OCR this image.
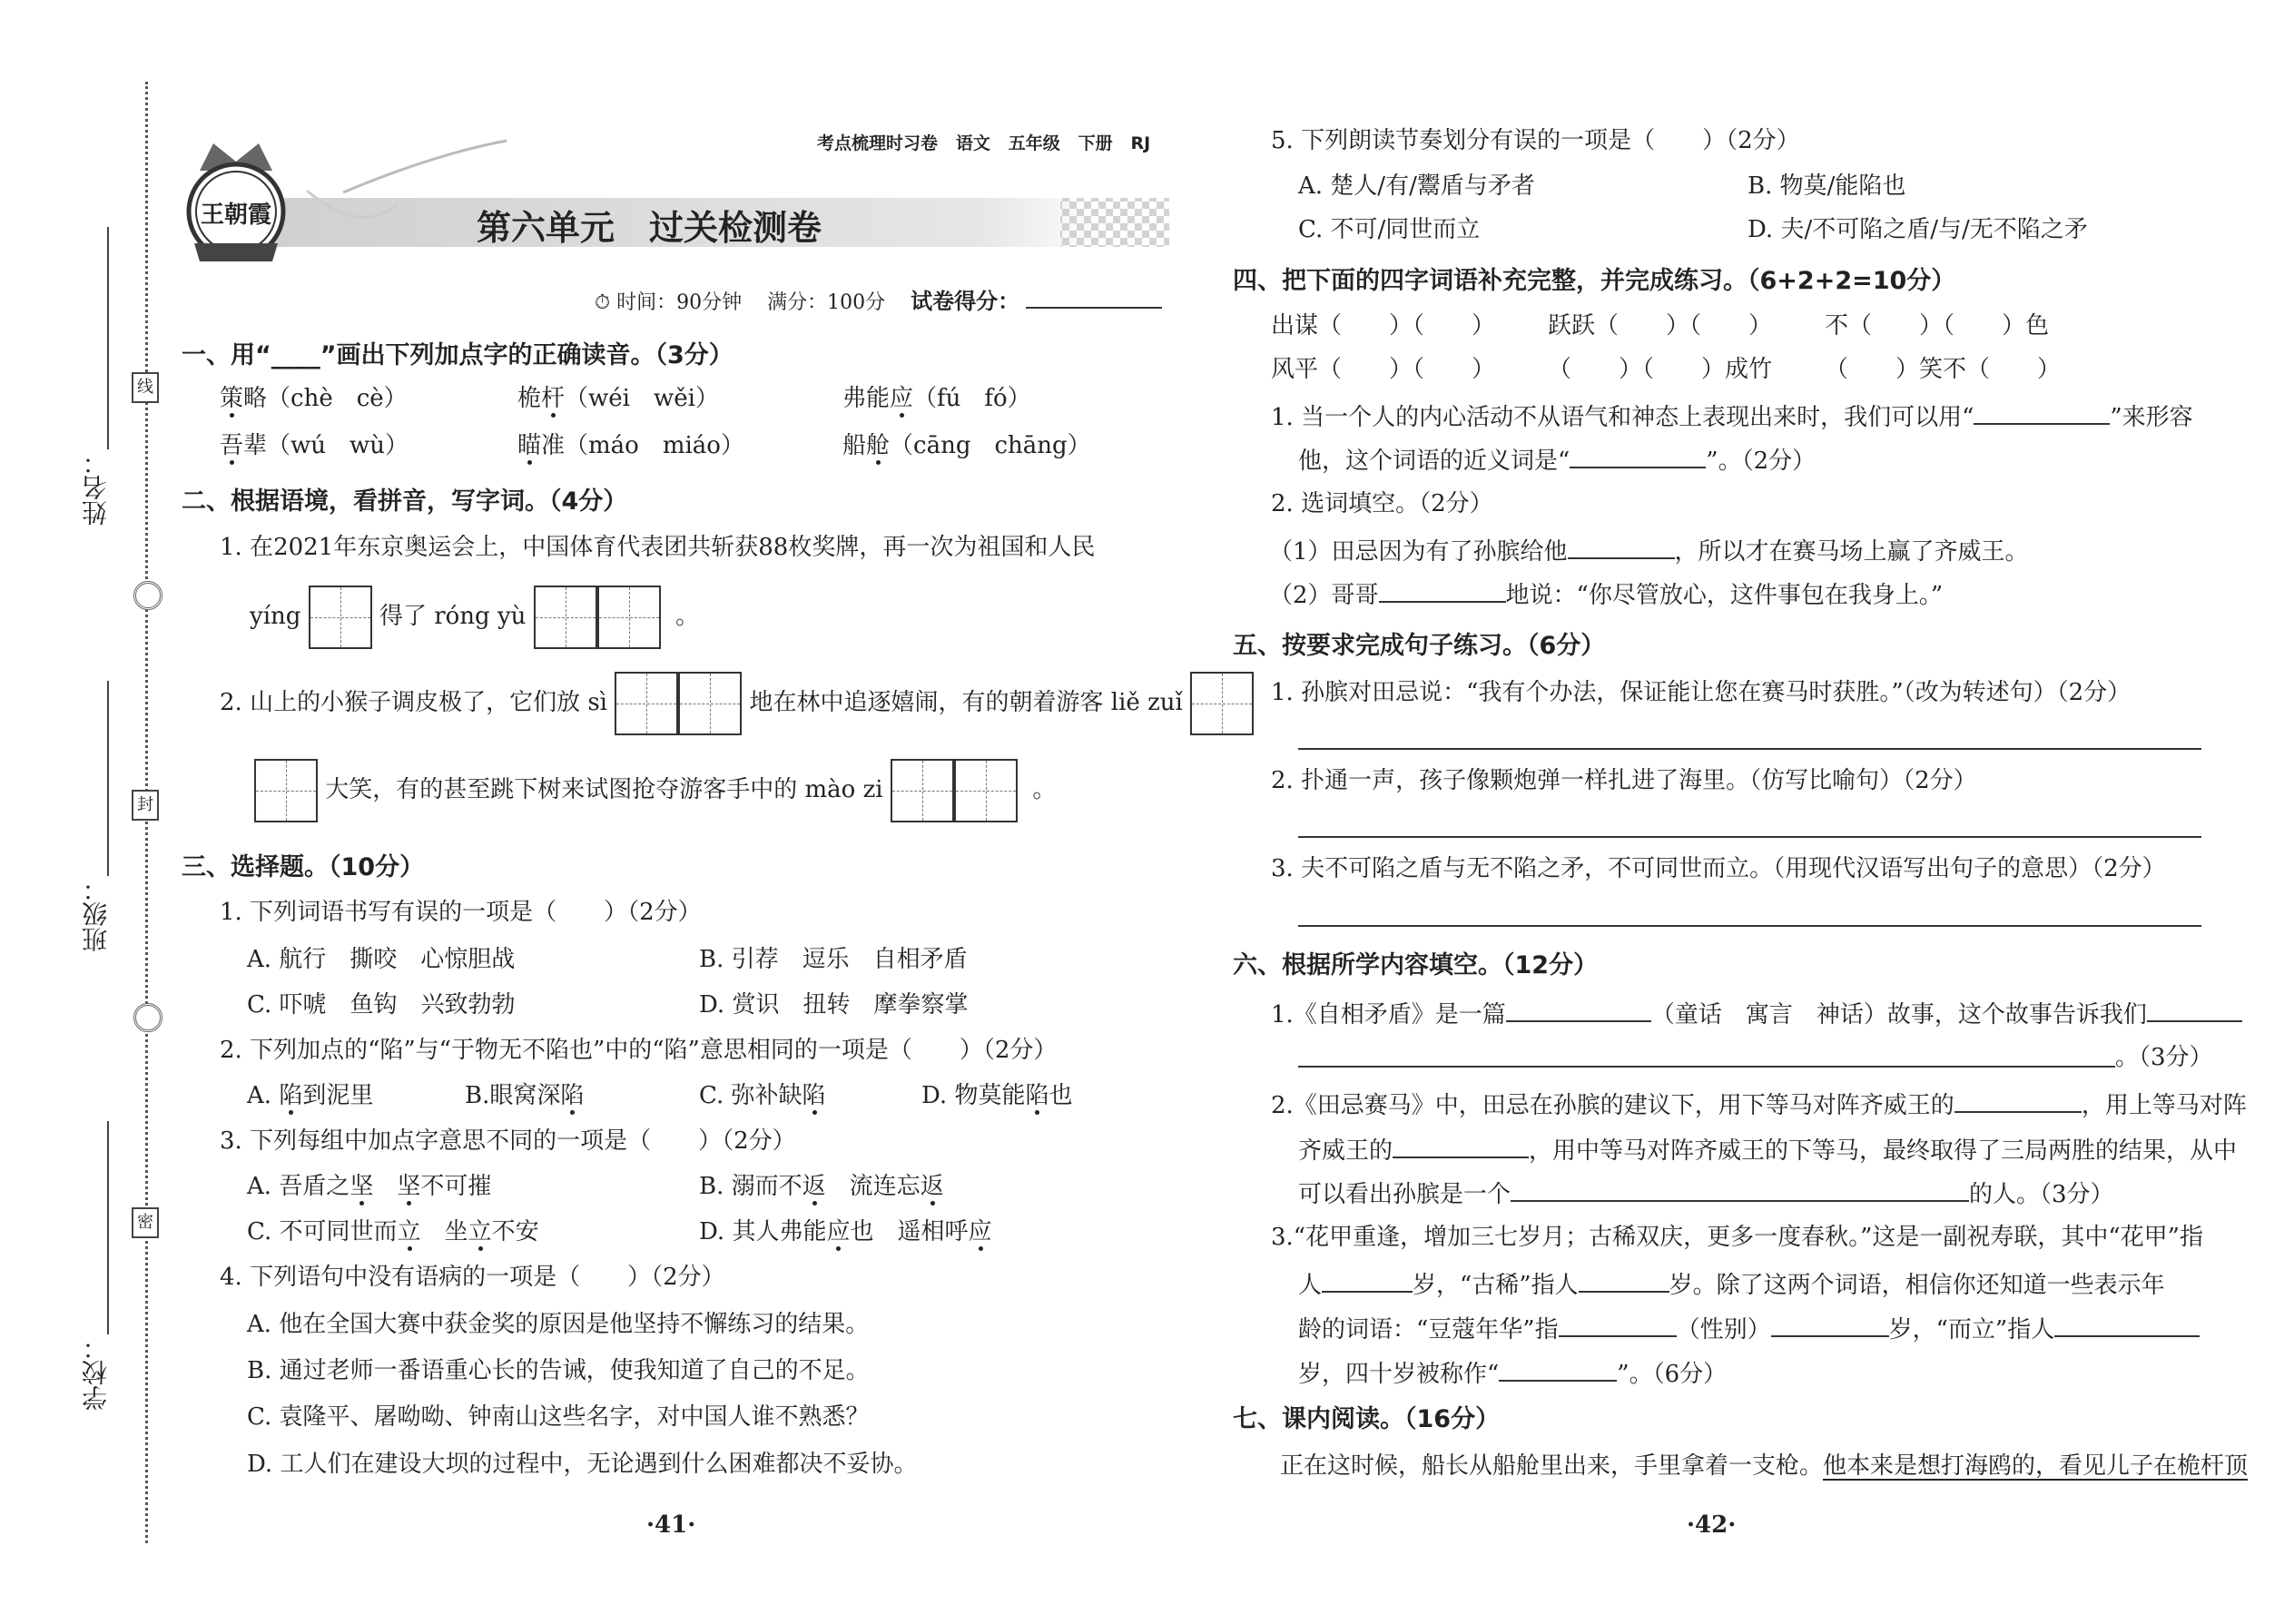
姓名：
班级：
学校：
线
封
密
王朝霞
考点梳理时习卷 语文 五年级 下册 RJ
第六单元　过关检测卷
⏱ 时间：90分钟 满分：100分 试卷得分：
一、用“____”画出下列加点字的正确读音。（3分）
策略（chè　cè）	桅杆（wéi　wěi）	弗能应（fú　fó）
吾辈（wú　wù）	瞄准（máo　miáo）	船舱（cāng　chāng）
二、根据语境，看拼音，写字词。（4分）
1. 在2021年东京奥运会上，中国体育代表团共斩获88枚奖牌，再一次为祖国和人民
yíng	得了 róng yù	。
2. 山上的小猴子调皮极了，它们放 sì	地在林中追逐嬉闹，有的朝着游客 liě zuǐ
大笑，有的甚至跳下树来试图抢夺游客手中的 mào zi	。
三、选择题。（10分）
1. 下列词语书写有误的一项是（　　）（2分）
A. 航行　撕咬　心惊胆战	B. 引荐　逗乐　自相矛盾
C. 吓唬　鱼钩　兴致勃勃	D. 赏识　扭转　摩拳察掌
2. 下列加点的“陷”与“于物无不陷也”中的“陷”意思相同的一项是（　　）（2分）
A. 陷到泥里	B.眼窝深陷	C. 弥补缺陷	D. 物莫能陷也
3. 下列每组中加点字意思不同的一项是（　　）（2分）
A. 吾盾之坚　 坚不可摧	B. 溺而不返　 流连忘返
C. 不可同世而立　 坐立不安	D. 其人弗能应也　遥相呼应
4. 下列语句中没有语病的一项是（　　）（2分）
A. 他在全国大赛中获金奖的原因是他坚持不懈练习的结果。
B. 通过老师一番语重心长的告诫，使我知道了自己的不足。
C. 袁隆平、屠呦呦、钟南山这些名字，对中国人谁不熟悉？
D. 工人们在建设大坝的过程中，无论遇到什么困难都决不妥协。
·41·
5. 下列朗读节奏划分有误的一项是（　　）（2分）
A. 楚人/有/鬻盾与矛者	B. 物莫/能陷也
C. 不可/同世而立	D. 夫/不可陷之盾/与/无不陷之矛
四、把下面的四字词语补充完整，并完成练习。（6+2+2=10分）
出谋（　　）（　　） 跃跃（　　）（　　） 不（　　）（　　）色
风平（　　）（　　） （　　）（　　）成竹 （　　）笑不（　　）
1. 当一个人的内心活动不从语气和神态上表现出来时，我们可以用“	”来形容
他，这个词语的近义词是“	”。（2分）
2. 选词填空。（2分）
（1）田忌因为有了孙膑给他	，所以才在赛马场上赢了齐威王。
（2）哥哥	地说：“你尽管放心，这件事包在我身上。”
五、按要求完成句子练习。（6分）
1. 孙膑对田忌说：“我有个办法，保证能让您在赛马时获胜。”（改为转述句）（2分）
2. 扑通一声，孩子像颗炮弹一样扎进了海里。（仿写比喻句）（2分）
3. 夫不可陷之盾与无不陷之矛，不可同世而立。（用现代汉语写出句子的意思）（2分）
六、根据所学内容填空。（12分）
1.《自相矛盾》是一篇	（童话　寓言　神话）故事，这个故事告诉我们
。（3分）
2.《田忌赛马》中，田忌在孙膑的建议下，用下等马对阵齐威王的	，用上等马对阵
齐威王的	，用中等马对阵齐威王的下等马，最终取得了三局两胜的结果，从中
可以看出孙膑是一个	的人。（3分）
3.“花甲重逢，增加三七岁月；古稀双庆，更多一度春秋。”这是一副祝寿联，其中“花甲”指
人	岁，“古稀”指人	岁。除了这两个词语，相信你还知道一些表示年
龄的词语：“豆蔻年华”指	（性别）	岁，“而立”指人
岁，四十岁被称作“	”。（6分）
七、课内阅读。（16分）
正在这时候，船长从船舱里出来，手里拿着一支枪。他本来是想打海鸥的，看见儿子在桅杆顶
·42·
